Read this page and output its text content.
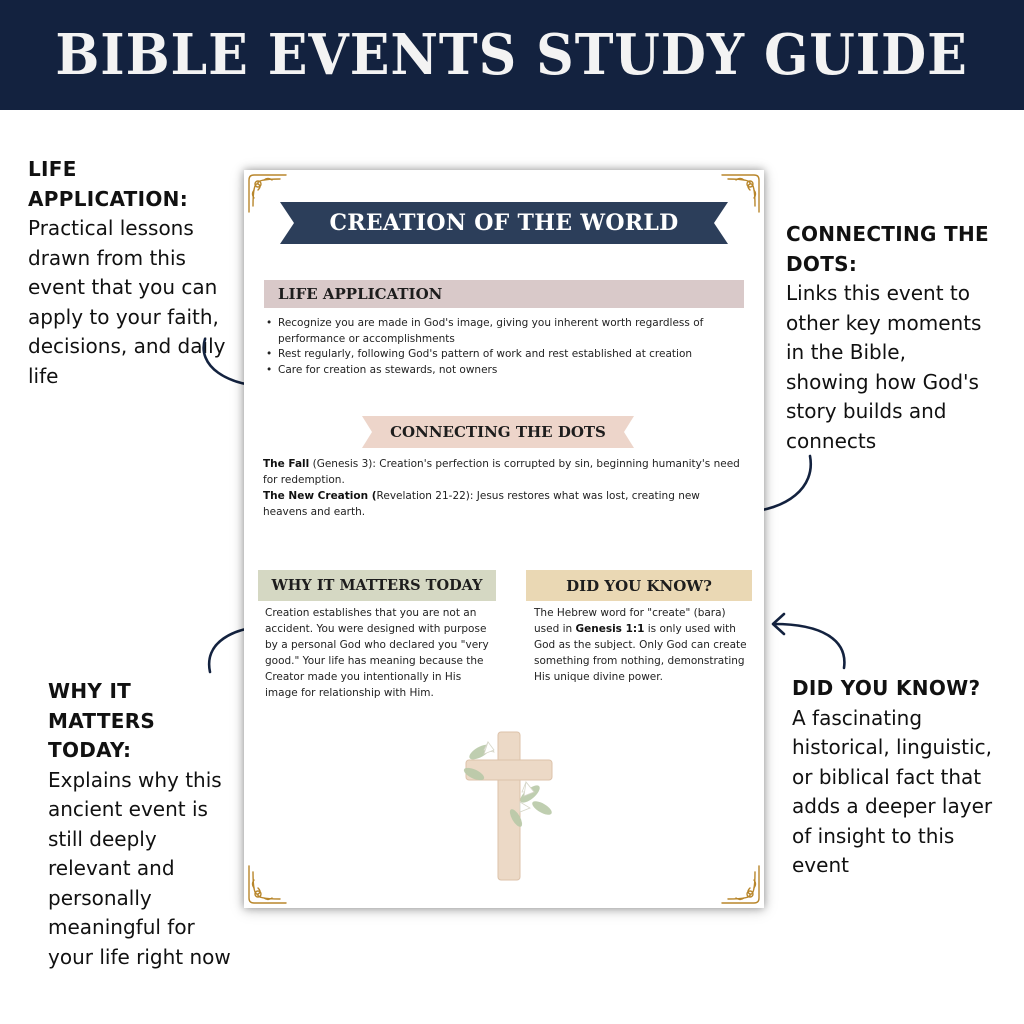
BIBLE EVENTS STUDY GUIDE
LIFE APPLICATION:
Practical lessons
drawn from this
event that you can
apply to your faith,
decisions, and daily
life
CONNECTING THE
DOTS:
Links this event to
other key moments
in the Bible,
showing how God's
story builds and
connects
WHY IT MATTERS
TODAY:
Explains why this
ancient event is
still deeply
relevant and
personally
meaningful for
your life right now
DID YOU KNOW?
A fascinating
historical, linguistic,
or biblical fact that
adds a deeper layer
of insight to this
event
CREATION OF THE WORLD
LIFE APPLICATION
• Recognize you are made in God's image, giving you inherent worth regardless of performance or accomplishments
• Rest regularly, following God's pattern of work and rest established at creation
• Care for creation as stewards, not owners
CONNECTING THE DOTS
The Fall (Genesis 3): Creation's perfection is corrupted by sin, beginning humanity's need for redemption.
The New Creation (Revelation 21-22): Jesus restores what was lost, creating new heavens and earth.
WHY IT MATTERS TODAY
Creation establishes that you are not an accident. You were designed with purpose by a personal God who declared you "very good." Your life has meaning because the Creator made you intentionally in His image for relationship with Him.
DID YOU KNOW?
The Hebrew word for "create" (bara) used in Genesis 1:1 is only used with God as the subject. Only God can create something from nothing, demonstrating His unique divine power.
